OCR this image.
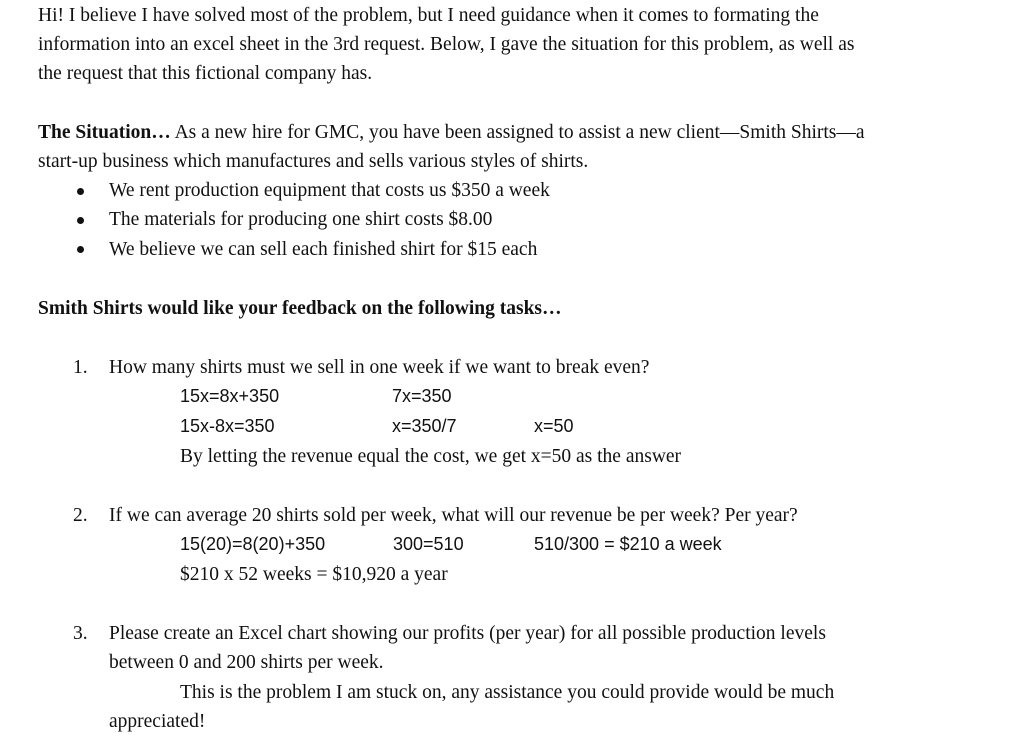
Hi! I believe I have solved most of the problem, but I need guidance when it comes to formating the
information into an excel sheet in the 3rd request. Below, I gave the situation for this problem, as well as
the request that this fictional company has.
The Situation… As a new hire for GMC, you have been assigned to assist a new client—Smith Shirts—a
start-up business which manufactures and sells various styles of shirts.
We rent production equipment that costs us $350 a week
The materials for producing one shirt costs $8.00
We believe we can sell each finished shirt for $15 each
Smith Shirts would like your feedback on the following tasks…
1. How many shirts must we sell in one week if we want to break even?
15x=8x+350	7x=350
15x-8x=350	x=350/7	x=50
By letting the revenue equal the cost, we get x=50 as the answer
2. If we can average 20 shirts sold per week, what will our revenue be per week? Per year?
15(20)=8(20)+350	300=510	510/300 = $210 a week
$210 x 52 weeks = $10,920 a year
3. Please create an Excel chart showing our profits (per year) for all possible production levels
between 0 and 200 shirts per week.
This is the problem I am stuck on, any assistance you could provide would be much
appreciated!
